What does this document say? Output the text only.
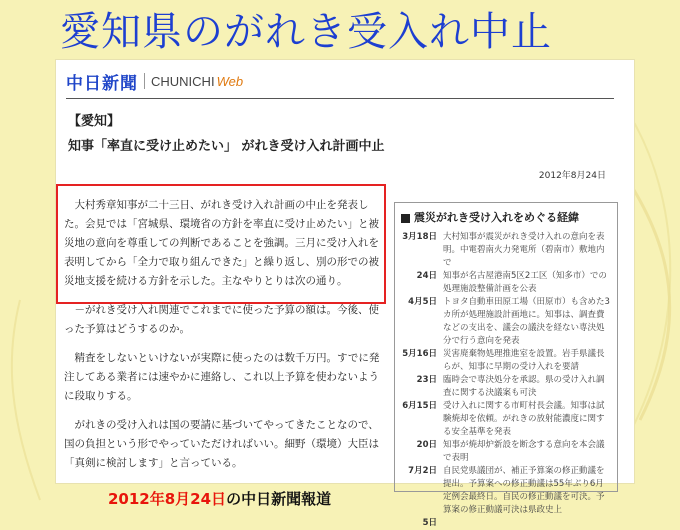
愛知県のがれき受入れ中止
中日新聞 CHUNICHI Web
【愛知】
知事「率直に受け止めたい」 がれき受け入れ計画中止
2012年8月24日

大村秀章知事が二十三日、がれき受け入れ計画の中止を発表した。会見では「宮城県、環境省の方針を率直に受け止めたい」と被災地の意向を尊重しての判断であることを強調。三月に受け入れを表明してから「全力で取り組んできた」と繰り返し、別の形での被災地支援を続ける方針を示した。主なやりとりは次の通り。

－がれき受け入れ関連でこれまでに使った予算の額は。今後、使った予算はどうするのか。

精査をしないといけないが実際に使ったのは数千万円。すでに発注してある業者には速やかに連絡し、これ以上予算を使わないように段取りする。

がれきの受け入れは国の要請に基づいてやってきたことなので、国の負担という形でやっていただければいい。細野（環境）大臣は「真剣に検討します」と言っている。

震災がれき受け入れをめぐる経緯
3月18日 大村知事が震災がれき受け入れの意向を表明。中電碧南火力発電所（碧南市）敷地内で
24日 知事が名古屋港南5区2工区（知多市）での処理施設整備計画を公表
4月5日 トヨタ自動車田原工場（田原市）も含めた3カ所が処理施設計画地に。知事は、調査費などの支出を、議会の議決を経ない専決処分で行う意向を発表
5月16日 災害廃棄物処理推進室を設置。岩手県議長らが、知事に早期の受け入れを要請
23日 臨時会で専決処分を承認。県の受け入れ調査に関する決議案も可決
6月15日 受け入れに関する市町村長会議。知事は試験焼却を依頼。がれきの放射能濃度に関する安全基準を発表
20日 知事が焼却炉新設を断念する意向を本会議で表明
7月2日 自民党県議団が、補正予算案の修正動議を提出。予算案への修正動議は55年ぶり6月定例会最終日。自民の修正動議を可決。予算案の修正動議可決は県政史上
5日
2012年8月24日の中日新聞報道
